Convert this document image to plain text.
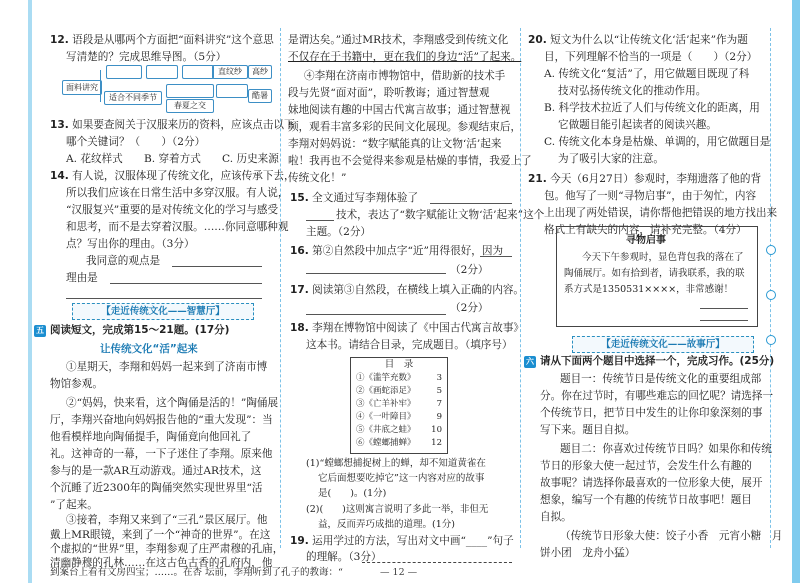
12. 语段是从哪两个方面把“面料讲究”这个意思
写清楚的？完成思维导图。（5分）
面料讲究
直纹纱	高纱
适合不同季节
春夏之交
酷暑
13. 如果要查阅关于汉服来历的资料，应该点击以下
哪个关键词？（　　）（2分）
A. 花纹样式　　B. 穿着方式　　C. 历史来源
14. 有人说，汉服体现了传统文化，应该传承下去，
所以我们应该在日常生活中多穿汉服。有人说，
“汉服复兴”重要的是对传统文化的学习与感受
和思考，而不是去穿着汉服。……你同意哪种观
点？写出你的理由。（3分）
我同意的观点是
理由是
【走近传统文化——智慧厅】
五 阅读短文，完成第15～21题。(17分)
让传统文化“活”起来
①星期天，李翔和妈妈一起来到了济南市博
物馆参观。
②“妈妈，快来看，这个陶俑是活的！”陶俑展
厅，李翔兴奋地向妈妈报告他的“重大发现”：当
他看模样地向陶俑提手，陶俑竟向他回礼了
礼。这神奇的一幕，一下子迷住了李翔。原来他
参与的是一款AR互动游戏。通过AR技术，这
个沉睡了近2300年的陶俑突然实现世界里“活
”了起来。
③接着，李翔又来到了“三孔”景区展厅。他
戴上MR眼镜，来到了一个“神奇的世界”。在这
个虚拟的“世界”里，李翔参观了庄严肃穆的孔庙，
清幽静穆的孔林……在这古色古香的孔府内，他
到案台上看有文房四宝；……。在杏 坛前，李翔听到了孔子的教诲：“
是谓达矣。”通过MR技术，李翔感受到传统文化
不仅存在于书籍中，更在我们的身边“活”了起来。
④李翔在济南市博物馆中，借助新的技术手
段与先贤“面对面”，聆听教诲；通过智慧观
妹地阅读有趣的中国古代寓言故事；通过智慧视
频，观看丰富多彩的民间文化展现。参观结束后，
李翔对妈妈说：“数字赋能真的让文物‘活’起来
啦！我再也不会觉得来参观是枯燥的事情，我爱上了
传统文化！”
15. 全文通过写李翔体验了
技术，表达了“数字赋能让文物‘活’起来”这个
主题。（2分）
16. 第②自然段中加点字“近”用得很好，因为
（2分）
17. 阅读第③自然段，在横线上填入正确的内容。
（2分）
18. 李翔在博物馆中阅读了《中国古代寓言故事》
这本书。请结合目录，完成题目。（填序号）
目　录
①《滥竽充数》 3
②《画蛇添足》 5
③《亡羊补牢》 7
④《一叶障目》 9
⑤《井底之蛙》 10
⑥《螳螂捕蝉》 12
(1)“螳螂想捕捉树上的蝉，却不知道黄雀在
它后面想要吃掉它”这一内容对应的故事
是(　　)。(1分)
(2)(　　)这则寓言说明了多此一举，非但无
益，反而弄巧成拙的道理。(1分)
19. 运用学过的方法，写出对文中画“____”句子
的理解。（3分）
— 12 —
20. 短文为什么以“让传统文化‘活’起来”作为题
目，下列理解不恰当的一项是（　　）（2分）
A. 传统文化“复活”了，用它做题目既现了科
技对弘扬传统文化的推动作用。
B. 科学技术拉近了人们与传统文化的距离，用
它做题目能引起读者的阅读兴趣。
C. 传统文化本身是枯燥、单调的，用它做题目是
为了吸引大家的注意。
21. 今天（6月27日）参观时，李翔遗落了他的背
包。他写了一则“寻物启事”，由于匆忙，内容
上出现了两处错误，请你帮他把错误的地方找出来
格式上有缺失的内容，请补充完整。（4分）
寻物启事
今天下午参观时，显色背包我的落在了
陶俑展厅。如有拾到者，请我联系，我的联
系方式是1350531××××，非常感谢！
【走近传统文化——故事厅】
六 请从下面两个题目中选择一个，完成习作。(25分)
题目一：传统节日是传统文化的重要组成部
分。你在过节时，有哪些难忘的回忆呢？请选择一
个传统节日，把节日中发生的让你印象深刻的事
写下来。题目自拟。
题目二：你喜欢过传统节日吗？如果你和传统
节日的形象大使一起过节，会发生什么有趣的
故事呢？请选择你最喜欢的一位形象大使，展开
想象，编写一个有趣的传统节日故事吧！题目
自拟。
（传统节日形象大使：饺子小香　元宵小糖　月
饼小团　龙舟小猛）
